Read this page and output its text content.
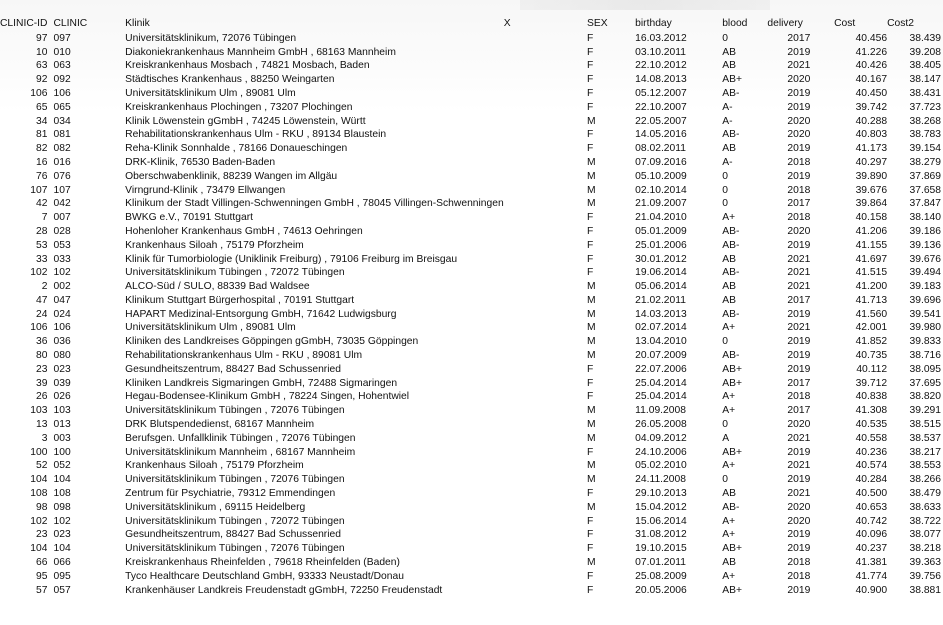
CLINIC-ID	CLINIC	Klinik	X	SEX	birthday	blood	delivery	Cost	Cost2
97	097	Universitätsklinikum, 72076 Tübingen		F	16.03.2012	0	2017	40.456	38.439
10	010	Diakoniekrankenhaus Mannheim GmbH , 68163 Mannheim		F	03.10.2011	AB	2019	41.226	39.208
63	063	Kreiskrankenhaus Mosbach , 74821 Mosbach, Baden		F	22.10.2012	AB	2021	40.426	38.405
92	092	Städtisches Krankenhaus , 88250 Weingarten		F	14.08.2013	AB+	2020	40.167	38.147
106	106	Universitätsklinikum Ulm , 89081 Ulm		F	05.12.2007	AB-	2019	40.450	38.431
65	065	Kreiskrankenhaus Plochingen , 73207 Plochingen		F	22.10.2007	A-	2019	39.742	37.723
34	034	Klinik Löwenstein gGmbH , 74245 Löwenstein, Württ		M	22.05.2007	A-	2020	40.288	38.268
81	081	Rehabilitationskrankenhaus Ulm - RKU , 89134 Blaustein		F	14.05.2016	AB-	2020	40.803	38.783
82	082	Reha-Klinik Sonnhalde , 78166 Donaueschingen		F	08.02.2011	AB	2019	41.173	39.154
16	016	DRK-Klinik, 76530 Baden-Baden		M	07.09.2016	A-	2018	40.297	38.279
76	076	Oberschwabenklinik, 88239 Wangen im Allgäu		M	05.10.2009	0	2019	39.890	37.869
107	107	Virngrund-Klinik , 73479 Ellwangen		M	02.10.2014	0	2018	39.676	37.658
42	042	Klinikum der Stadt Villingen-Schwenningen GmbH , 78045 Villingen-Schwenningen		M	21.09.2007	0	2017	39.864	37.847
7	007	BWKG e.V., 70191 Stuttgart		F	21.04.2010	A+	2018	40.158	38.140
28	028	Hohenloher Krankenhaus GmbH , 74613 Oehringen		F	05.01.2009	AB-	2020	41.206	39.186
53	053	Krankenhaus Siloah , 75179 Pforzheim		F	25.01.2006	AB-	2019	41.155	39.136
33	033	Klinik für Tumorbiologie (Uniklinik Freiburg) , 79106 Freiburg im Breisgau		F	30.01.2012	AB	2021	41.697	39.676
102	102	Universitätsklinikum Tübingen , 72072 Tübingen		F	19.06.2014	AB-	2021	41.515	39.494
2	002	ALCO-Süd / SULO, 88339 Bad Waldsee		M	05.06.2014	AB	2021	41.200	39.183
47	047	Klinikum Stuttgart Bürgerhospital , 70191 Stuttgart		M	21.02.2011	AB	2017	41.713	39.696
24	024	HAPART Medizinal-Entsorgung GmbH, 71642 Ludwigsburg		M	14.03.2013	AB-	2019	41.560	39.541
106	106	Universitätsklinikum Ulm , 89081 Ulm		M	02.07.2014	A+	2021	42.001	39.980
36	036	Kliniken des Landkreises Göppingen gGmbH, 73035 Göppingen		M	13.04.2010	0	2019	41.852	39.833
80	080	Rehabilitationskrankenhaus Ulm - RKU , 89081 Ulm		M	20.07.2009	AB-	2019	40.735	38.716
23	023	Gesundheitszentrum, 88427 Bad Schussenried		F	22.07.2006	AB+	2019	40.112	38.095
39	039	Kliniken Landkreis Sigmaringen GmbH, 72488 Sigmaringen		F	25.04.2014	AB+	2017	39.712	37.695
26	026	Hegau-Bodensee-Klinikum GmbH , 78224 Singen, Hohentwiel		F	25.04.2014	A+	2018	40.838	38.820
103	103	Universitätsklinikum Tübingen , 72076 Tübingen		M	11.09.2008	A+	2017	41.308	39.291
13	013	DRK Blutspendedienst, 68167 Mannheim		M	26.05.2008	0	2020	40.535	38.515
3	003	Berufsgen. Unfallklinik Tübingen , 72076 Tübingen		M	04.09.2012	A	2021	40.558	38.537
100	100	Universitätsklinikum Mannheim , 68167 Mannheim		F	24.10.2006	AB+	2019	40.236	38.217
52	052	Krankenhaus Siloah , 75179 Pforzheim		M	05.02.2010	A+	2021	40.574	38.553
104	104	Universitätsklinikum Tübingen , 72076 Tübingen		M	24.11.2008	0	2019	40.284	38.266
108	108	Zentrum für Psychiatrie, 79312 Emmendingen		F	29.10.2013	AB	2021	40.500	38.479
98	098	Universitätsklinikum , 69115 Heidelberg		M	15.04.2012	AB-	2020	40.653	38.633
102	102	Universitätsklinikum Tübingen , 72072 Tübingen		F	15.06.2014	A+	2020	40.742	38.722
23	023	Gesundheitszentrum, 88427 Bad Schussenried		F	31.08.2012	A+	2019	40.096	38.077
104	104	Universitätsklinikum Tübingen , 72076 Tübingen		F	19.10.2015	AB+	2019	40.237	38.218
66	066	Kreiskrankenhaus Rheinfelden , 79618 Rheinfelden (Baden)		M	07.01.2011	AB	2018	41.381	39.363
95	095	Tyco Healthcare Deutschland GmbH, 93333 Neustadt/Donau		F	25.08.2009	A+	2018	41.774	39.756
57	057	Krankenhäuser Landkreis Freudenstadt gGmbH, 72250 Freudenstadt		F	20.05.2006	AB+	2019	40.900	38.881
